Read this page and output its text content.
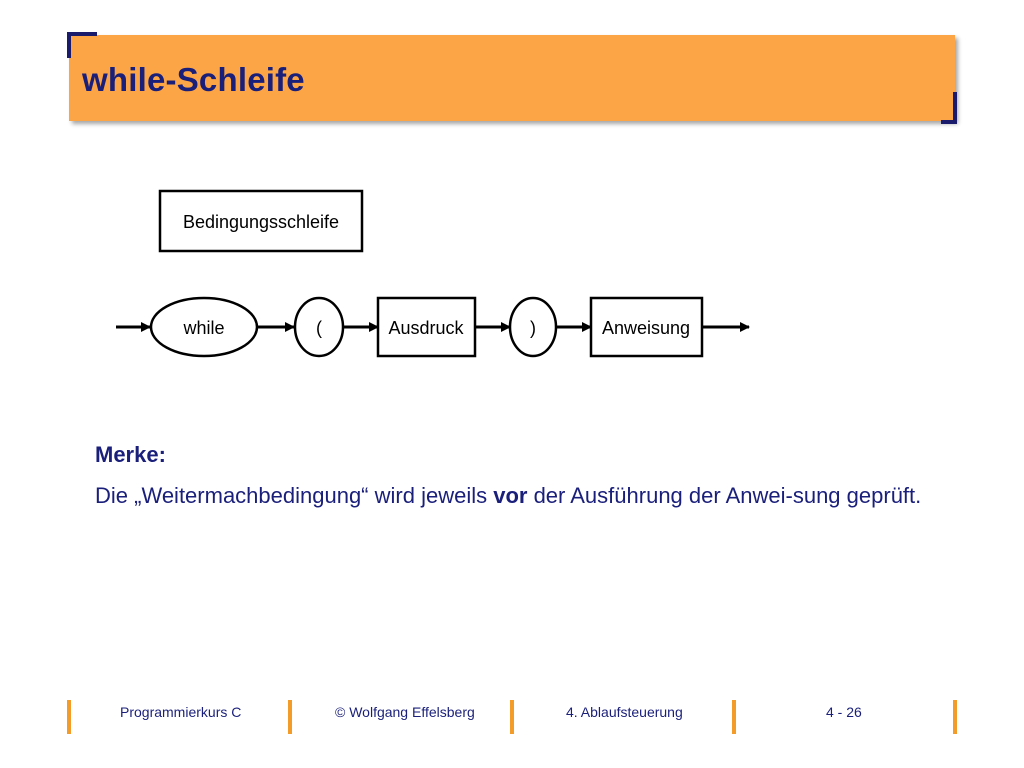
while-Schleife
Bedingungsschleife
while	(	Ausdruck	)	Anweisung

Merke:

Die „Weitermachbedingung“ wird jeweils vor der Ausführung der Anwei-sung geprüft.

Programmierkurs C	© Wolfgang Effelsberg	4. Ablaufsteuerung	4 - 26
